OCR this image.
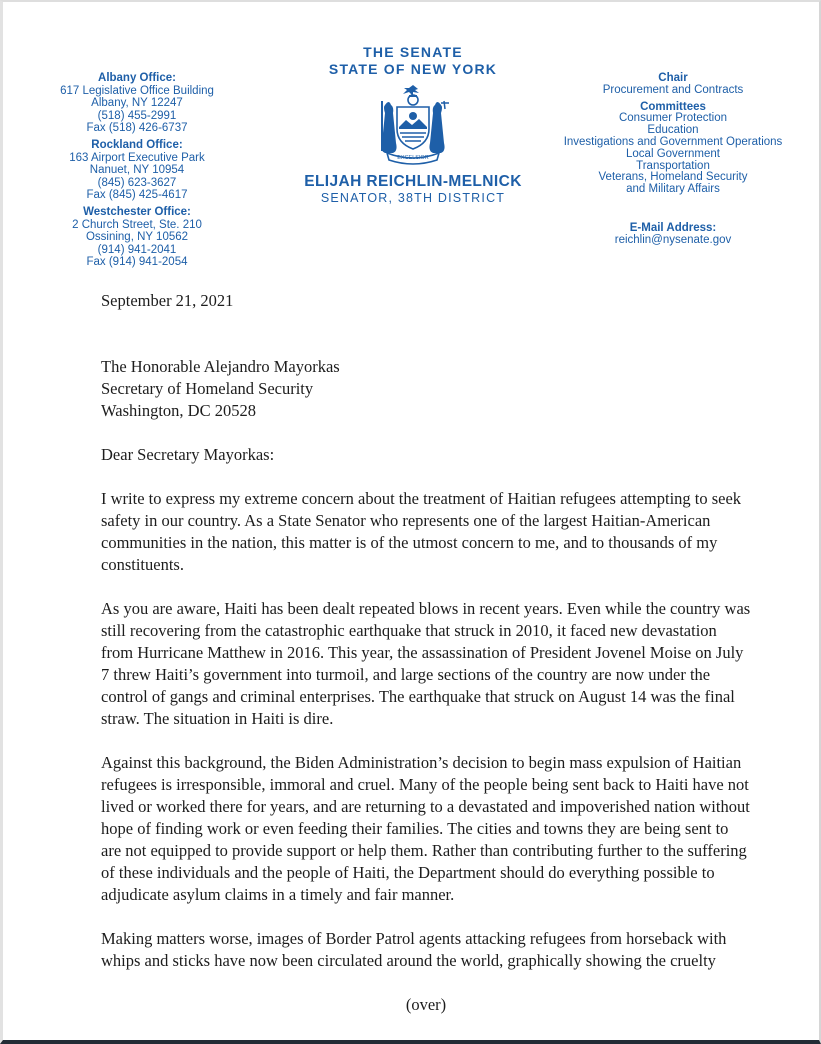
Albany Office:
617 Legislative Office Building
Albany, NY 12247
(518) 455-2991
Fax (518) 426-6737
Rockland Office:
163 Airport Executive Park
Nanuet, NY 10954
(845) 623-3627
Fax (845) 425-4617
Westchester Office:
2 Church Street, Ste. 210
Ossining, NY 10562
(914) 941-2041
Fax (914) 941-2054
THE SENATE
STATE OF NEW YORK
EXCELSIOR
ELIJAH REICHLIN-MELNICK
SENATOR, 38TH DISTRICT
Chair
Procurement and Contracts
Committees
Consumer Protection
Education
Investigations and Government Operations
Local Government
Transportation
Veterans, Homeland Security
and Military Affairs
E-Mail Address:
reichlin@nysenate.gov
September 21, 2021
The Honorable Alejandro Mayorkas
Secretary of Homeland Security
Washington, DC 20528
Dear Secretary Mayorkas:

I write to express my extreme concern about the treatment of Haitian refugees attempting to seek safety in our country. As a State Senator who represents one of the largest Haitian-American communities in the nation, this matter is of the utmost concern to me, and to thousands of my constituents.

As you are aware, Haiti has been dealt repeated blows in recent years. Even while the country was still recovering from the catastrophic earthquake that struck in 2010, it faced new devastation from Hurricane Matthew in 2016. This year, the assassination of President Jovenel Moise on July 7 threw Haiti’s government into turmoil, and large sections of the country are now under the control of gangs and criminal enterprises. The earthquake that struck on August 14 was the final straw. The situation in Haiti is dire.

Against this background, the Biden Administration’s decision to begin mass expulsion of Haitian refugees is irresponsible, immoral and cruel. Many of the people being sent back to Haiti have not lived or worked there for years, and are returning to a devastated and impoverished nation without hope of finding work or even feeding their families. The cities and towns they are being sent to are not equipped to provide support or help them. Rather than contributing further to the suffering of these individuals and the people of Haiti, the Department should do everything possible to adjudicate asylum claims in a timely and fair manner.

Making matters worse, images of Border Patrol agents attacking refugees from horseback with whips and sticks have now been circulated around the world, graphically showing the cruelty

(over)
